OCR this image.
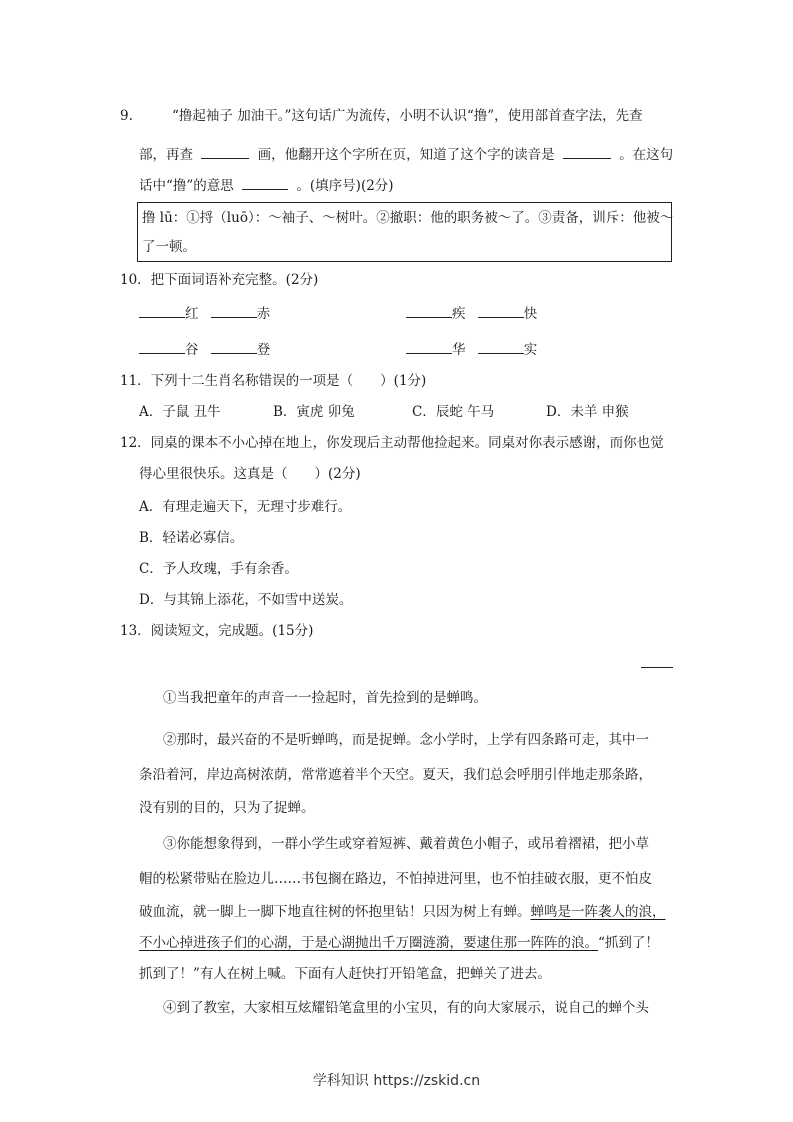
9.	“撸起袖子 加油干。”这句话广为流传，小明不认识“撸”，使用部首查字法，先查
部，再查	画，他翻开这个字所在页，知道了这个字的读音是	。在这句
话中“撸”的意思	。(填序号)(2分)
撸 lū：①捋（luō）：～袖子、～树叶。②撤职：他的职务被～了。③责备，训斥：他被～
了一顿。
10．把下面词语补充完整。(2分)
红	赤	疾	快
谷	登	华	实
11．下列十二生肖名称错误的一项是（　　）(1分)
A．子鼠 丑牛	B．寅虎 卯兔	C．辰蛇 午马	D．未羊 申猴
12．同桌的课本不小心掉在地上，你发现后主动帮他捡起来。同桌对你表示感谢，而你也觉
得心里很快乐。这真是（　　）(2分)
A．有理走遍天下，无理寸步难行。
B．轻诺必寡信。
C．予人玫瑰，手有余香。
D．与其锦上添花，不如雪中送炭。
13．阅读短文，完成题。(15分)
①当我把童年的声音一一捡起时，首先捡到的是蝉鸣。
②那时，最兴奋的不是听蝉鸣，而是捉蝉。念小学时，上学有四条路可走，其中一
条沿着河，岸边高树浓荫，常常遮着半个天空。夏天，我们总会呼朋引伴地走那条路，
没有别的目的，只为了捉蝉。
③你能想象得到，一群小学生或穿着短裤、戴着黄色小帽子，或吊着褶裙，把小草
帽的松紧带贴在脸边儿……书包搁在路边，不怕掉进河里，也不怕挂破衣服，更不怕皮
破血流，就一脚上一脚下地直往树的怀抱里钻！只因为树上有蝉。蝉鸣是一阵袭人的浪，
不小心掉进孩子们的心湖，于是心湖抛出千万圈涟漪，要逮住那一阵阵的浪。“抓到了！
抓到了！”有人在树上喊。下面有人赶快打开铅笔盒，把蝉关了进去。
④到了教室，大家相互炫耀铅笔盒里的小宝贝，有的向大家展示，说自己的蝉个头
学科知识 https://zskid.cn
